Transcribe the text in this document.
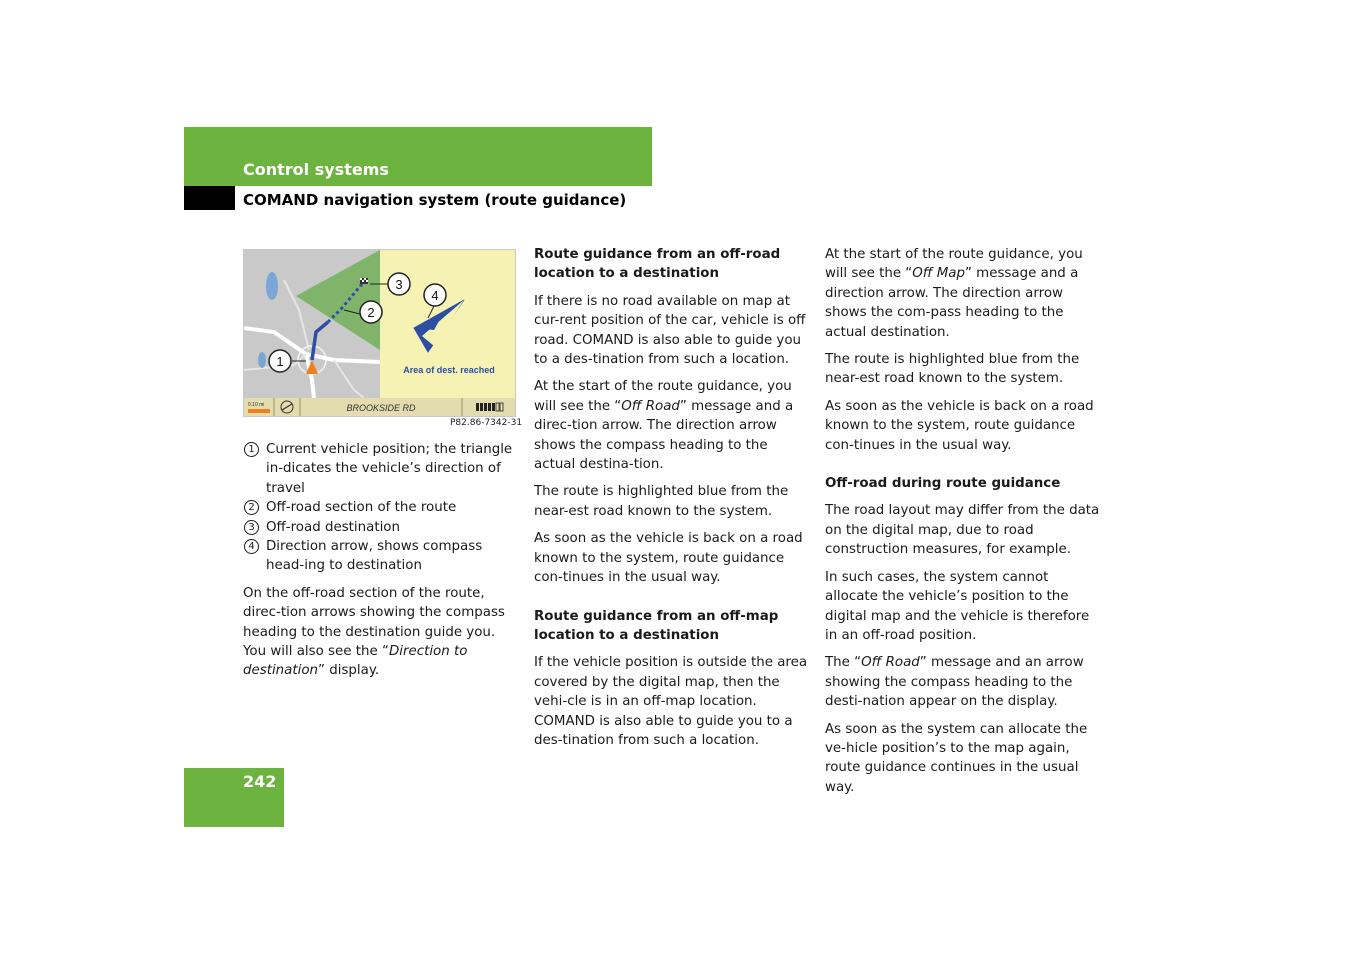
Control systems
COMAND navigation system (route guidance)
1
2
3
4
Area of dest. reached
0.10 mi	BROOKSIDE RD
P82.86-7342-31
1 Current vehicle position; the triangle in-dicates the vehicle’s direction of travel
2 Off-road section of the route
3 Off-road destination
4 Direction arrow, shows compass head-ing to destination

On the off-road section of the route, direc-tion arrows showing the compass heading to the destination guide you. You will also see the “Direction to destination” display.

Route guidance from an off-road location to a destination

If there is no road available on map at cur-rent position of the car, vehicle is off road. COMAND is also able to guide you to a des-tination from such a location.

At the start of the route guidance, you will see the “Off Road” message and a direc-tion arrow. The direction arrow shows the compass heading to the actual destina-tion.

The route is highlighted blue from the near-est road known to the system.

As soon as the vehicle is back on a road known to the system, route guidance con-tinues in the usual way.

Route guidance from an off-map location to a destination

If the vehicle position is outside the area covered by the digital map, then the vehi-cle is in an off-map location.
COMAND is also able to guide you to a des-tination from such a location.

At the start of the route guidance, you will see the “Off Map” message and a direction arrow. The direction arrow shows the com-pass heading to the actual destination.

The route is highlighted blue from the near-est road known to the system.

As soon as the vehicle is back on a road known to the system, route guidance con-tinues in the usual way.

Off-road during route guidance

The road layout may differ from the data on the digital map, due to road construction measures, for example.

In such cases, the system cannot allocate the vehicle’s position to the digital map and the vehicle is therefore in an off-road position.

The “Off Road” message and an arrow showing the compass heading to the desti-nation appear on the display.

As soon as the system can allocate the ve-hicle position’s to the map again, route guidance continues in the usual way.

242
